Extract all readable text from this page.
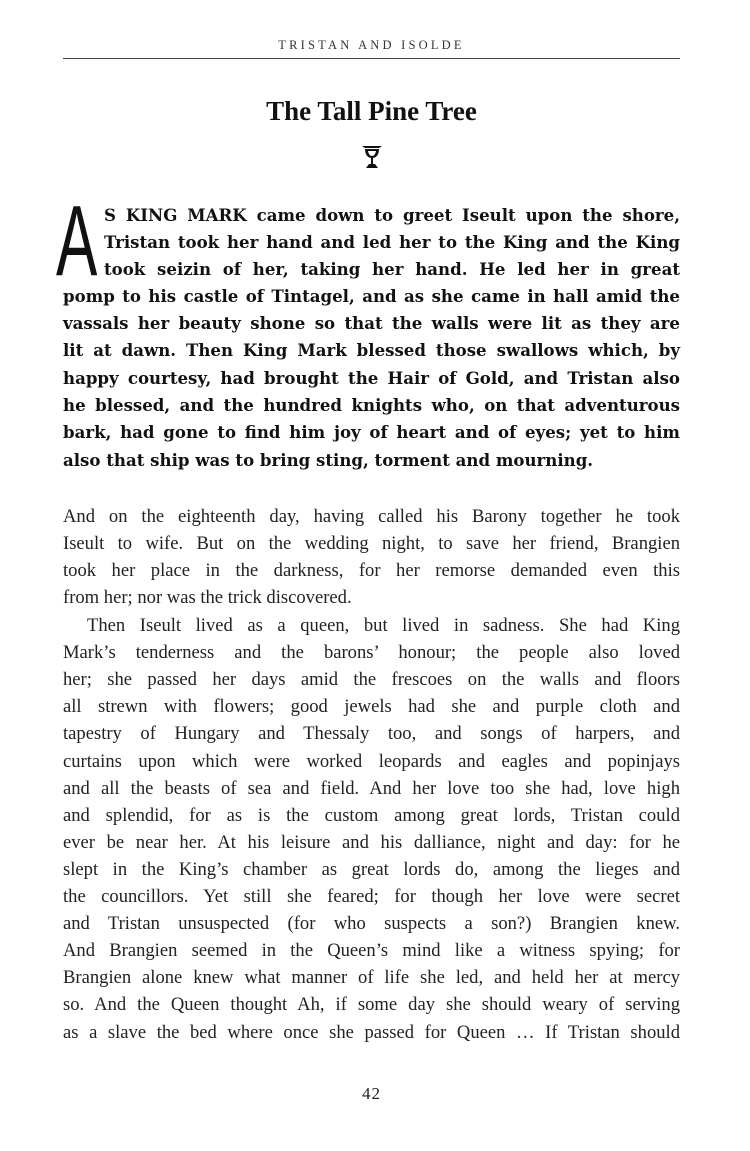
TRISTAN AND ISOLDE
The Tall Pine Tree
A S KING MARK came down to greet Iseult upon the shore,
Tristan took her hand and led her to the King and the King
took seizin of her, taking her hand. He led her in great
pomp to his castle of Tintagel, and as she came in hall amid the
vassals her beauty shone so that the walls were lit as they are
lit at dawn. Then King Mark blessed those swallows which, by
happy courtesy, had brought the Hair of Gold, and Tristan also
he blessed, and the hundred knights who, on that adventurous
bark, had gone to find him joy of heart and of eyes; yet to him
also that ship was to bring sting, torment and mourning.
And on the eighteenth day, having called his Barony together he took
Iseult to wife. But on the wedding night, to save her friend, Brangien
took her place in the darkness, for her remorse demanded even this
from her; nor was the trick discovered.
Then Iseult lived as a queen, but lived in sadness. She had King
Mark’s tenderness and the barons’ honour; the people also loved
her; she passed her days amid the frescoes on the walls and floors
all strewn with flowers; good jewels had she and purple cloth and
tapestry of Hungary and Thessaly too, and songs of harpers, and
curtains upon which were worked leopards and eagles and popinjays
and all the beasts of sea and field. And her love too she had, love high
and splendid, for as is the custom among great lords, Tristan could
ever be near her. At his leisure and his dalliance, night and day: for he
slept in the King’s chamber as great lords do, among the lieges and
the councillors. Yet still she feared; for though her love were secret
and Tristan unsuspected (for who suspects a son?) Brangien knew.
And Brangien seemed in the Queen’s mind like a witness spying; for
Brangien alone knew what manner of life she led, and held her at mercy
so. And the Queen thought Ah, if some day she should weary of serving
as a slave the bed where once she passed for Queen … If Tristan should
42
